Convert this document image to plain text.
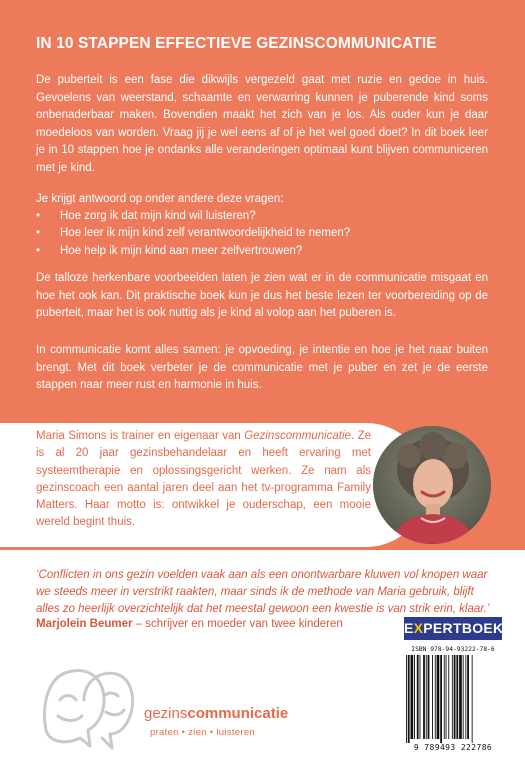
IN 10 STAPPEN EFFECTIEVE GEZINSCOMMUNICATIE

De puberteit is een fase die dikwijls vergezeld gaat met ruzie en gedoe in huis. Gevoelens van weerstand, schaamte en verwarring kunnen je puberende kind soms onbenaderbaar maken. Bovendien maakt het zich van je los. Als ouder kun je daar moedeloos van worden. Vraag jij je wel eens af of je het wel goed doet? In dit boek leer je in 10 stappen hoe je ondanks alle veranderingen optimaal kunt blijven communiceren met je kind.

Je krijgt antwoord op onder andere deze vragen:

•	Hoe zorg ik dat mijn kind wil luisteren?
•	Hoe leer ik mijn kind zelf verantwoordelijkheid te nemen?
•	Hoe help ik mijn kind aan meer zelfvertrouwen?

De talloze herkenbare voorbeelden laten je zien wat er in de communicatie misgaat en hoe het ook kan. Dit praktische boek kun je dus het beste lezen ter voorbereiding op de puberteit, maar het is ook nuttig als je kind al volop aan het puberen is.

In communicatie komt alles samen: je opvoeding, je intentie en hoe je het naar buiten brengt. Met dit boek verbeter je de communicatie met je puber en zet je de eerste stappen naar meer rust en harmonie in huis.

Maria Simons is trainer en eigenaar van Gezinscommunicatie. Ze is al 20 jaar gezinsbehandelaar en heeft ervaring met systeemtherapie en oplossingsgericht werken. Ze nam als gezinscoach een aantal jaren deel aan het tv-programma Family Matters. Haar motto is: ontwikkel je ouderschap, een mooie wereld begint thuis.

‘Conflicten in ons gezin voelden vaak aan als een onontwarbare kluwen vol knopen waar we steeds meer in verstrikt raakten, maar sinds ik de methode van Maria gebruik, blijft alles zo heerlijk overzichtelijk dat het meestal gewoon een kwestie is van strik erin, klaar.’

Marjolein Beumer – schrijver en moeder van twee kinderen
gezinscommunicatie
praten • zien • luisteren
EXPERTBOEK
ISBN 978-94-93222-78-6
9 789493 222786
